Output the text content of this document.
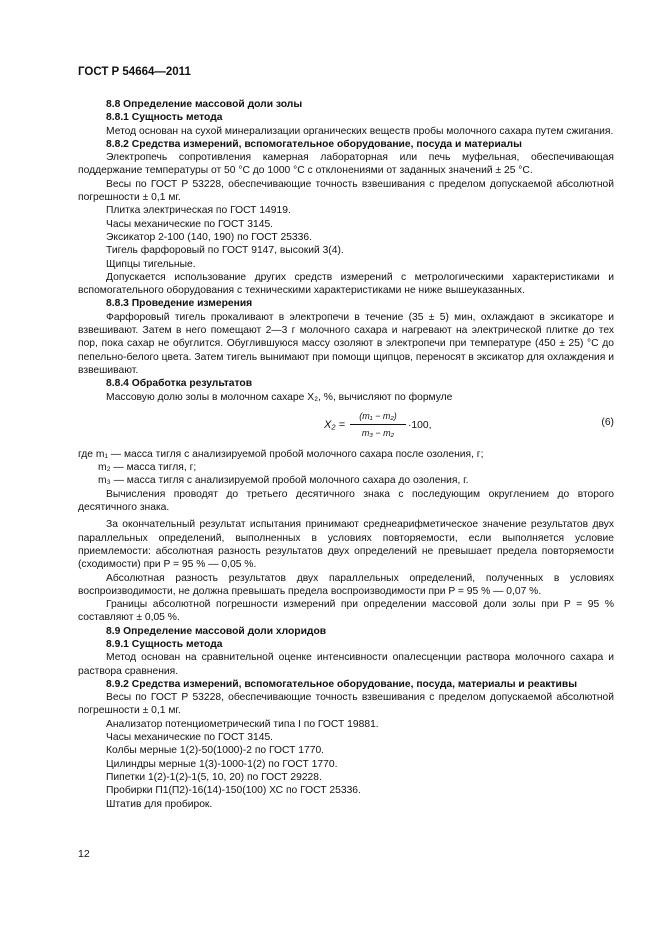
ГОСТ Р 54664—2011

8.8 Определение массовой доли золы

8.8.1 Сущность метода

Метод основан на сухой минерализации органических веществ пробы молочного сахара путем сжигания.

8.8.2 Средства измерений, вспомогательное оборудование, посуда и материалы

Электропечь сопротивления камерная лабораторная или печь муфельная, обеспечивающая поддержание температуры от 50 °С до 1000 °С с отклонениями от заданных значений ± 25 °С.

Весы по ГОСТ Р 53228, обеспечивающие точность взвешивания с пределом допускаемой абсолютной погрешности ± 0,1 мг.

Плитка электрическая по ГОСТ 14919.

Часы механические по ГОСТ 3145.

Эксикатор 2-100 (140, 190) по ГОСТ 25336.

Тигель фарфоровый по ГОСТ 9147, высокий 3(4).

Щипцы тигельные.

Допускается использование других средств измерений с метрологическими характеристиками и вспомогательного оборудования с техническими характеристиками не ниже вышеуказанных.

8.8.3 Проведение измерения

Фарфоровый тигель прокаливают в электропечи в течение (35 ± 5) мин, охлаждают в эксикаторе и взвешивают. Затем в него помещают 2—3 г молочного сахара и нагревают на электрической плитке до тех пор, пока сахар не обуглится. Обуглившуюся массу озоляют в электропечи при температуре (450 ± 25) °С до пепельно-белого цвета. Затем тигель вынимают при помощи щипцов, переносят в эксикатор для охлаждения и взвешивают.

8.8.4 Обработка результатов

Массовую долю золы в молочном сахаре X₂, %, вычисляют по формуле

$X_2 = \frac{\text{(m₁ − m₂)}}{\text{m₃ − m₂}} \cdot 100$,	(6)

где m₁ — масса тигля с анализируемой пробой молочного сахара после озоления, г;

m₂ — масса тигля, г;

m₃ — масса тигля с анализируемой пробой молочного сахара до озоления, г.

Вычисления проводят до третьего десятичного знака с последующим округлением до второго десятичного знака.

За окончательный результат испытания принимают среднеарифметическое значение результатов двух параллельных определений, выполненных в условиях повторяемости, если выполняется условие приемлемости: абсолютная разность результатов двух определений не превышает предела повторяемости (сходимости) при P = 95 % — 0,05 %.

Абсолютная разность результатов двух параллельных определений, полученных в условиях воспроизводимости, не должна превышать предела воспроизводимости при P = 95 % — 0,07 %.

Границы абсолютной погрешности измерений при определении массовой доли золы при P = 95 % составляют ± 0,05 %.

8.9 Определение массовой доли хлоридов

8.9.1 Сущность метода

Метод основан на сравнительной оценке интенсивности опалесценции раствора молочного сахара и раствора сравнения.

8.9.2 Средства измерений, вспомогательное оборудование, посуда, материалы и реактивы

Весы по ГОСТ Р 53228, обеспечивающие точность взвешивания с пределом допускаемой абсолютной погрешности ± 0,1 мг.

Анализатор потенциометрический типа I по ГОСТ 19881.

Часы механические по ГОСТ 3145.

Колбы мерные 1(2)-50(1000)-2 по ГОСТ 1770.

Цилиндры мерные 1(3)-1000-1(2) по ГОСТ 1770.

Пипетки 1(2)-1(2)-1(5, 10, 20) по ГОСТ 29228.

Пробирки П1(П2)-16(14)-150(100) ХС по ГОСТ 25336.

Штатив для пробирок.

12
